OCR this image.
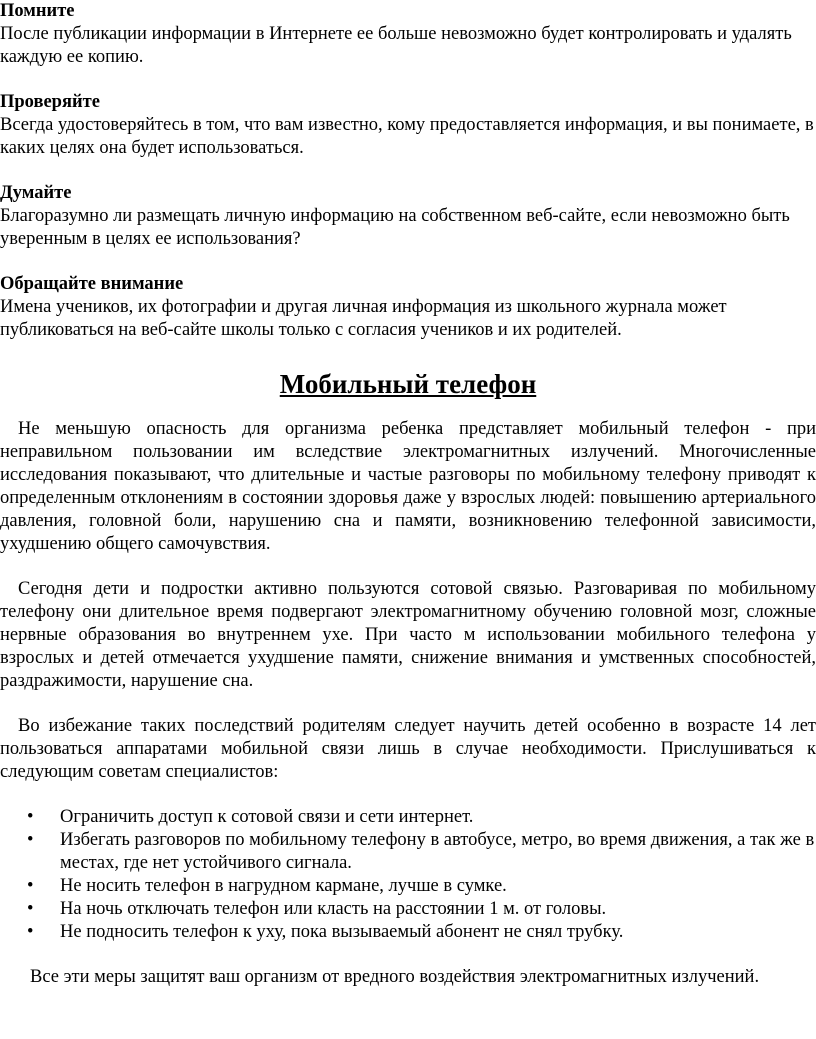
Помните
После публикации информации в Интернете ее больше невозможно будет контролировать и удалять каждую ее копию.
Проверяйте
Всегда удостоверяйтесь в том, что вам известно, кому предоставляется информация, и вы понимаете, в каких целях она будет использоваться.
Думайте
Благоразумно ли размещать личную информацию на собственном веб-сайте, если невозможно быть уверенным в целях ее использования?
Обращайте внимание
Имена учеников, их фотографии и другая личная информация из школьного журнала может публиковаться на веб-сайте школы только с согласия учеников и их родителей.
Мобильный телефон

Не меньшую опасность для организма ребенка представляет мобильный телефон - при неправильном пользовании им вследствие электромагнитных излучений. Многочисленные исследования показывают, что длительные и частые разговоры по мобильному телефону приводят к определенным отклонениям в состоянии здоровья даже у взрослых людей: повышению артериального давления, головной боли, нарушению сна и памяти, возникновению телефонной зависимости, ухудшению общего самочувствия.

Сегодня дети и подростки активно пользуются сотовой связью. Разговаривая по мобильному телефону они длительное время подвергают электромагнитному обучению головной мозг, сложные нервные образования во внутреннем ухе. При часто м использовании мобильного телефона у взрослых и детей отмечается ухудшение памяти, снижение внимания и умственных способностей, раздражимости, нарушение сна.

Во избежание таких последствий родителям следует научить детей особенно в возрасте 14 лет пользоваться аппаратами мобильной связи лишь в случае необходимости. Прислушиваться к следующим советам специалистов:

• Ограничить доступ к сотовой связи и сети интернет.
• Избегать разговоров по мобильному телефону в автобусе, метро, во время движения, а так же в местах, где нет устойчивого сигнала.
• Не носить телефон в нагрудном кармане, лучше в сумке.
• На ночь отключать телефон или класть на расстоянии 1 м. от головы.
• Не подносить телефон к уху, пока вызываемый абонент не снял трубку.

Все эти меры защитят ваш организм от вредного воздействия электромагнитных излучений.
